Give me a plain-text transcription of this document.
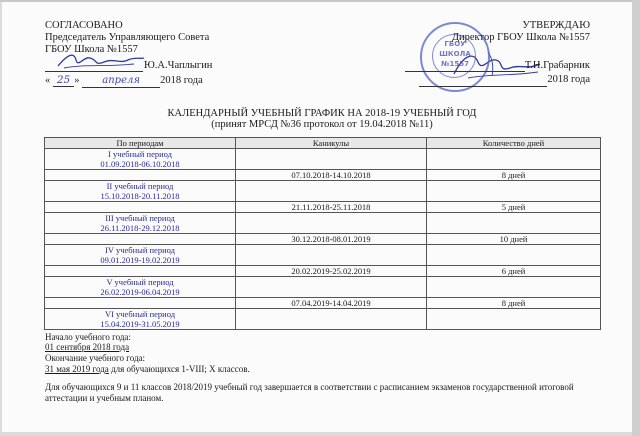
СОГЛАСОВАНО
Председатель Управляющего Совета
ГБОУ Школа №1557
Ю.А.Чаплыгин
« 25 » апреля 2018 года
ГБОУ
ШКОЛА
№1557
УТВЕРЖДАЮ
Директор ГБОУ Школа №1557
Т.Н.Грабарник
2018 года
КАЛЕНДАРНЫЙ УЧЕБНЫЙ ГРАФИК НА 2018-19 УЧЕБНЫЙ ГОД
(принят МРСД №36 протокол от 19.04.2018 №11)
По периодам	Каникулы	Количество дней

I учебный период
01.09.2018-06.10.2018		

	07.10.2018-14.10.2018	8 дней

II учебный период
15.10.2018-20.11.2018		

	21.11.2018-25.11.2018	5 дней

III учебный период
26.11.2018-29.12.2018		

	30.12.2018-08.01.2019	10 дней

IV учебный период
09.01.2019-19.02.2019		

	20.02.2019-25.02.2019	6 дней

V учебный период
26.02.2019-06.04.2019		

	07.04.2019-14.04.2019	8 дней

VI учебный период
15.04.2019-31.05.2019		

Начало учебного года:
01 сентября 2018 года
Окончание учебного года:
31 мая 2019 года для обучающихся 1-VIII; X классов.
Для обучающихся 9 и 11 классов 2018/2019 учебный год завершается в соответствии с расписанием экзаменов государственной итоговой
аттестации и учебным планом.
